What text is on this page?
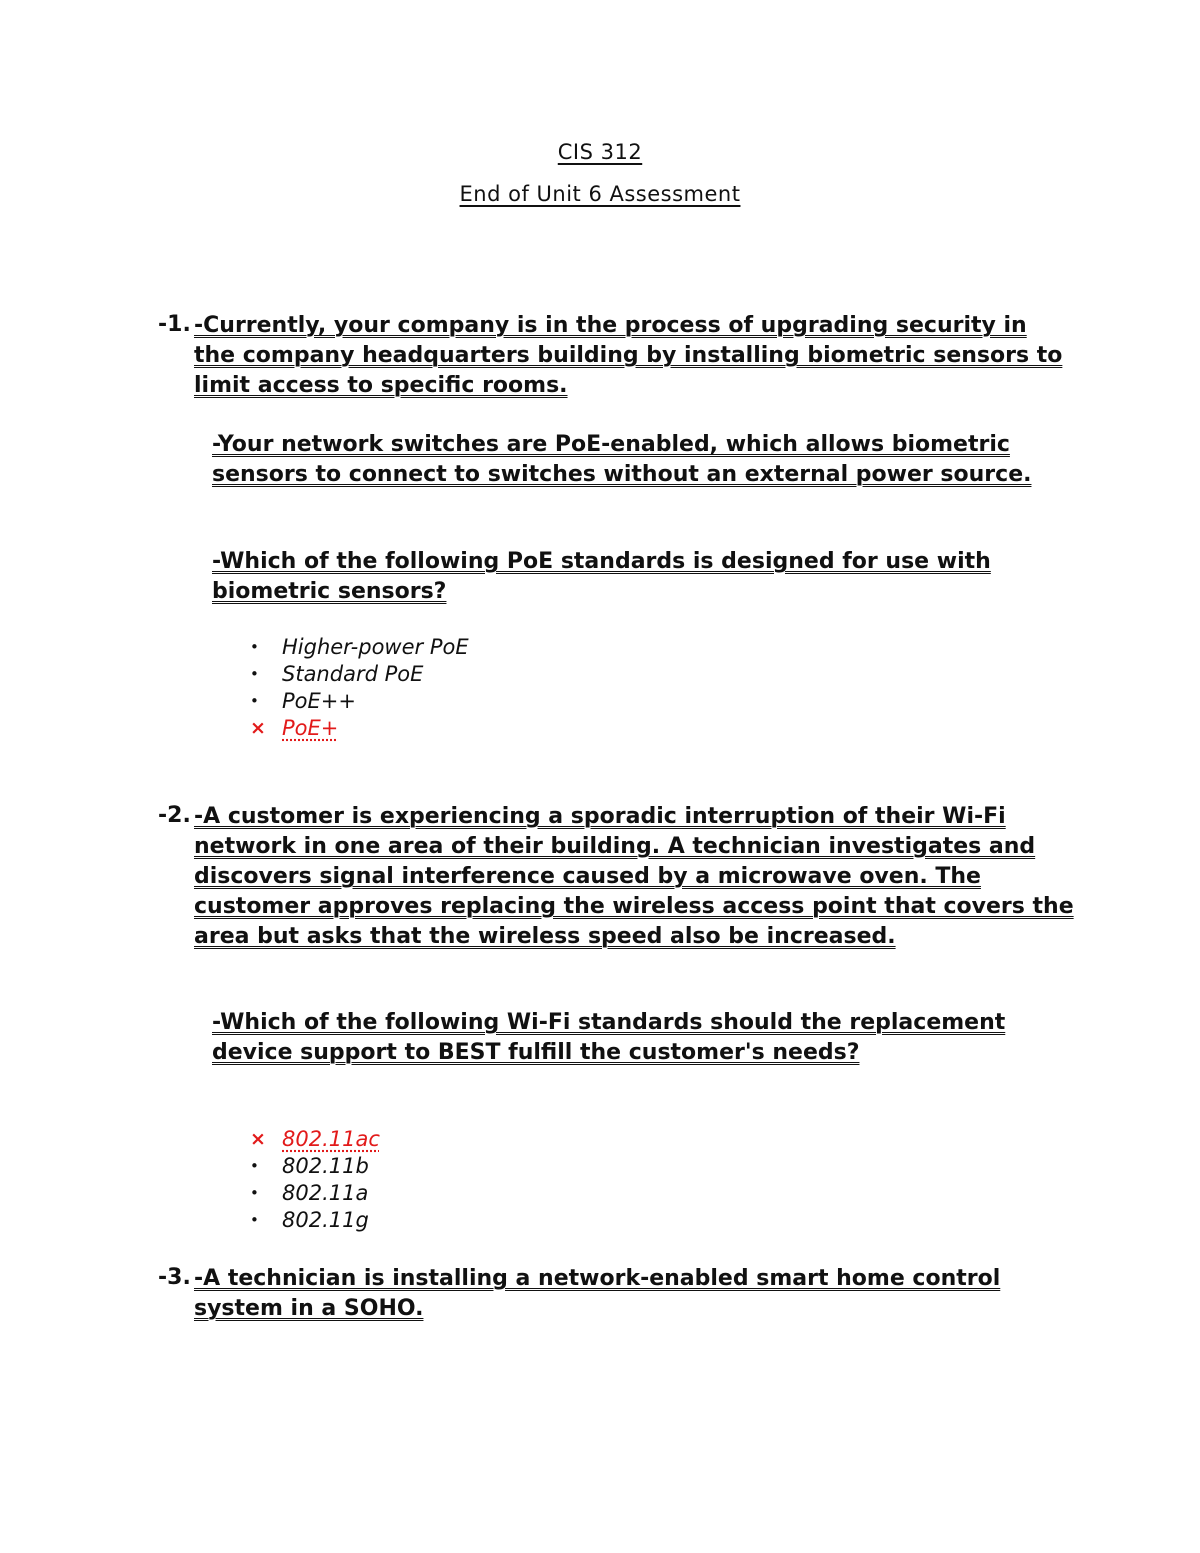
CIS 312
End of Unit 6 Assessment
-1. -Currently, your company is in the process of upgrading security in the company headquarters building by installing biometric sensors to limit access to specific rooms.
-Your network switches are PoE-enabled, which allows biometric sensors to connect to switches without an external power source.
-Which of the following PoE standards is designed for use with biometric sensors?
• Higher-power PoE
• Standard PoE
• PoE++
× PoE+
-2. -A customer is experiencing a sporadic interruption of their Wi-Fi network in one area of their building. A technician investigates and discovers signal interference caused by a microwave oven. The customer approves replacing the wireless access point that covers the area but asks that the wireless speed also be increased.
-Which of the following Wi-Fi standards should the replacement device support to BEST fulfill the customer's needs?
× 802.11ac
• 802.11b
• 802.11a
• 802.11g
-3. -A technician is installing a network-enabled smart home control system in a SOHO.
